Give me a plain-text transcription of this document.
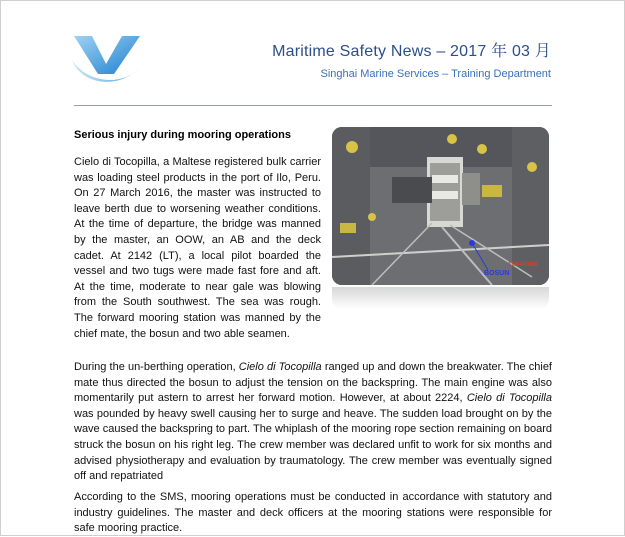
Maritime Safety News – 2017 年 03 月
Singhai Marine Services – Training Department
Serious injury during mooring operations

Cielo di Tocopilla, a Maltese registered bulk carrier was loading steel products in the port of Ilo, Peru. On 27 March 2016, the master was instructed to leave berth due to worsening weather conditions. At the time of departure, the bridge was manned by the master, an OOW, an AB and the deck cadet. At 2142 (LT), a local pilot boarded the vessel and two tugs were made fast fore and aft. At the time, moderate to near gale was blowing from the South southwest. The sea was rough. The forward mooring station was manned by the chief mate, the bosun and two able seamen.

11/04/2016
BOSUN

During the un-berthing operation, Cielo di Tocopilla ranged up and down the breakwater. The chief mate thus directed the bosun to adjust the tension on the backspring. The main engine was also momentarily put astern to arrest her forward motion. However, at about 2224, Cielo di Tocopilla was pounded by heavy swell causing her to surge and heave. The sudden load brought on by the wave caused the backspring to part. The whiplash of the mooring rope section remaining on board struck the bosun on his right leg. The crew member was declared unfit to work for six months and advised physiotherapy and evaluation by traumatology. The crew member was eventually signed off and repatriated

According to the SMS, mooring operations must be conducted in accordance with statutory and industry guidelines. The master and deck officers at the mooring stations were responsible for safe mooring practice.
